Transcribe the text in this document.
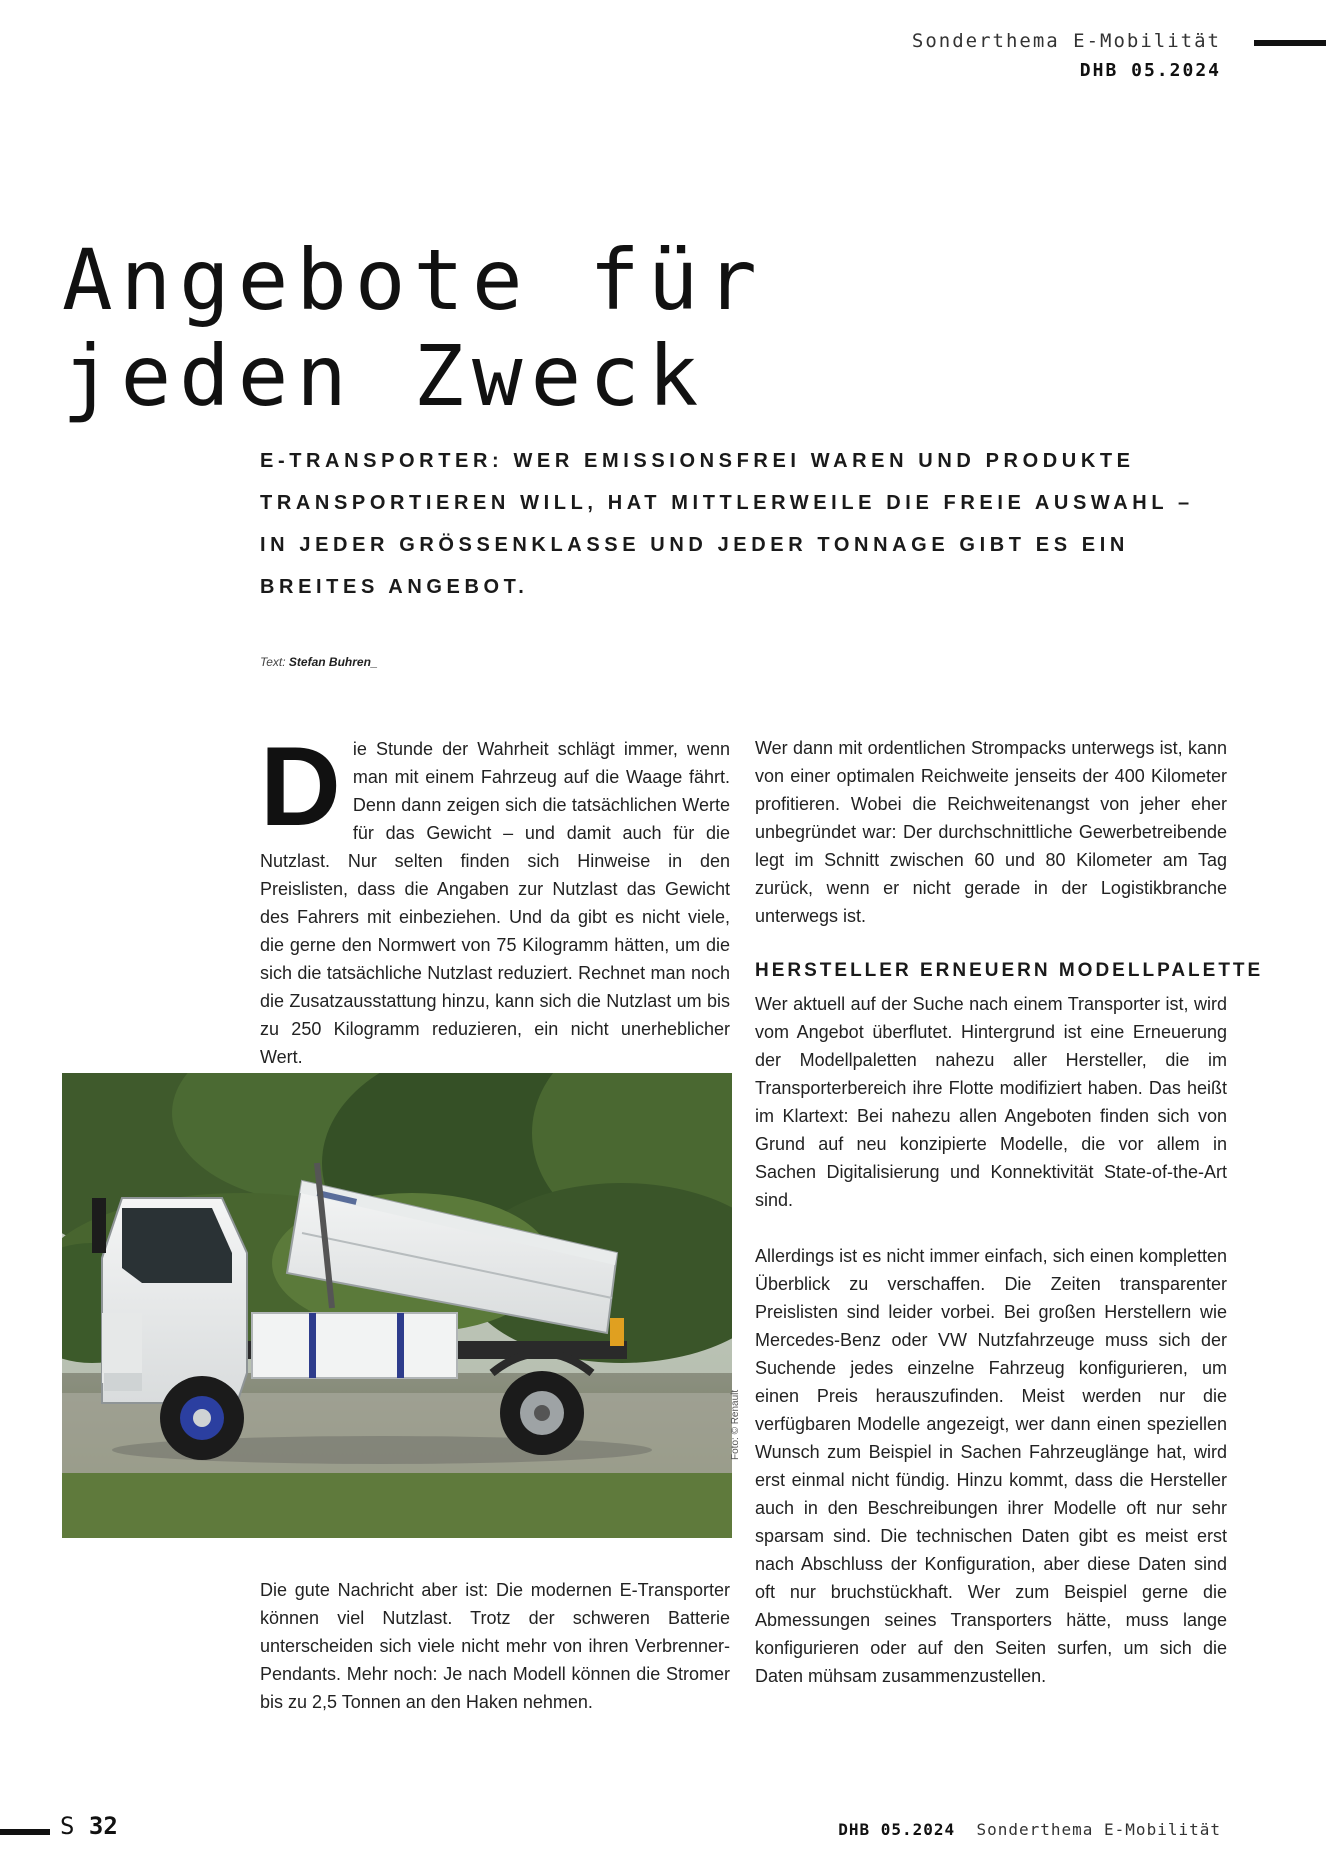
Sonderthema E-Mobilität
DHB 05.2024
Angebote für
jeden Zweck

E-TRANSPORTER: WER EMISSIONSFREI WAREN UND PRODUKTE TRANSPORTIEREN WILL, HAT MITTLERWEILE DIE FREIE AUSWAHL – IN JEDER GRÖSSENKLASSE UND JEDER TONNAGE GIBT ES EIN BREITES ANGEBOT.

Text: Stefan Buhren_

Die Stunde der Wahrheit schlägt immer, wenn man mit einem Fahrzeug auf die Waage fährt. Denn dann zeigen sich die tatsächlichen Werte für das Gewicht – und damit auch für die Nutzlast. Nur selten finden sich Hinweise in den Preislisten, dass die Angaben zur Nutzlast das Gewicht des Fahrers mit einbeziehen. Und da gibt es nicht viele, die gerne den Normwert von 75 Kilogramm hätten, um die sich die tatsächliche Nutzlast reduziert. Rechnet man noch die Zusatzausstattung hinzu, kann sich die Nutzlast um bis zu 250 Kilogramm reduzieren, ein nicht unerheblicher Wert.

Foto: © Renault

Die gute Nachricht aber ist: Die modernen E-Transporter können viel Nutzlast. Trotz der schweren Batterie unterscheiden sich viele nicht mehr von ihren Verbrenner-Pendants. Mehr noch: Je nach Modell können die Stromer bis zu 2,5 Tonnen an den Haken nehmen.

Wer dann mit ordentlichen Strompacks unterwegs ist, kann von einer optimalen Reichweite jenseits der 400 Kilometer profitieren. Wobei die Reichweitenangst von jeher eher unbegründet war: Der durchschnittliche Gewerbetreibende legt im Schnitt zwischen 60 und 80 Kilometer am Tag zurück, wenn er nicht gerade in der Logistikbranche unterwegs ist.

HERSTELLER ERNEUERN MODELLPALETTE

Wer aktuell auf der Suche nach einem Transporter ist, wird vom Angebot überflutet. Hintergrund ist eine Erneuerung der Modellpaletten nahezu aller Hersteller, die im Transporterbereich ihre Flotte modifiziert haben. Das heißt im Klartext: Bei nahezu allen Angeboten finden sich von Grund auf neu konzipierte Modelle, die vor allem in Sachen Digitalisierung und Konnektivität State-of-the-Art sind.

Allerdings ist es nicht immer einfach, sich einen kompletten Überblick zu verschaffen. Die Zeiten transparenter Preislisten sind leider vorbei. Bei großen Herstellern wie Mercedes-Benz oder VW Nutzfahrzeuge muss sich der Suchende jedes einzelne Fahrzeug konfigurieren, um einen Preis herauszufinden. Meist werden nur die verfügbaren Modelle angezeigt, wer dann einen speziellen Wunsch zum Beispiel in Sachen Fahrzeuglänge hat, wird erst einmal nicht fündig. Hinzu kommt, dass die Hersteller auch in den Beschreibungen ihrer Modelle oft nur sehr sparsam sind. Die technischen Daten gibt es meist erst nach Abschluss der Konfiguration, aber diese Daten sind oft nur bruchstückhaft. Wer zum Beispiel gerne die Abmessungen seines Transporters hätte, muss lange konfigurieren oder auf den Seiten surfen, um sich die Daten mühsam zusammenzustellen.

S 32	DHB 05.2024 Sonderthema E-Mobilität
